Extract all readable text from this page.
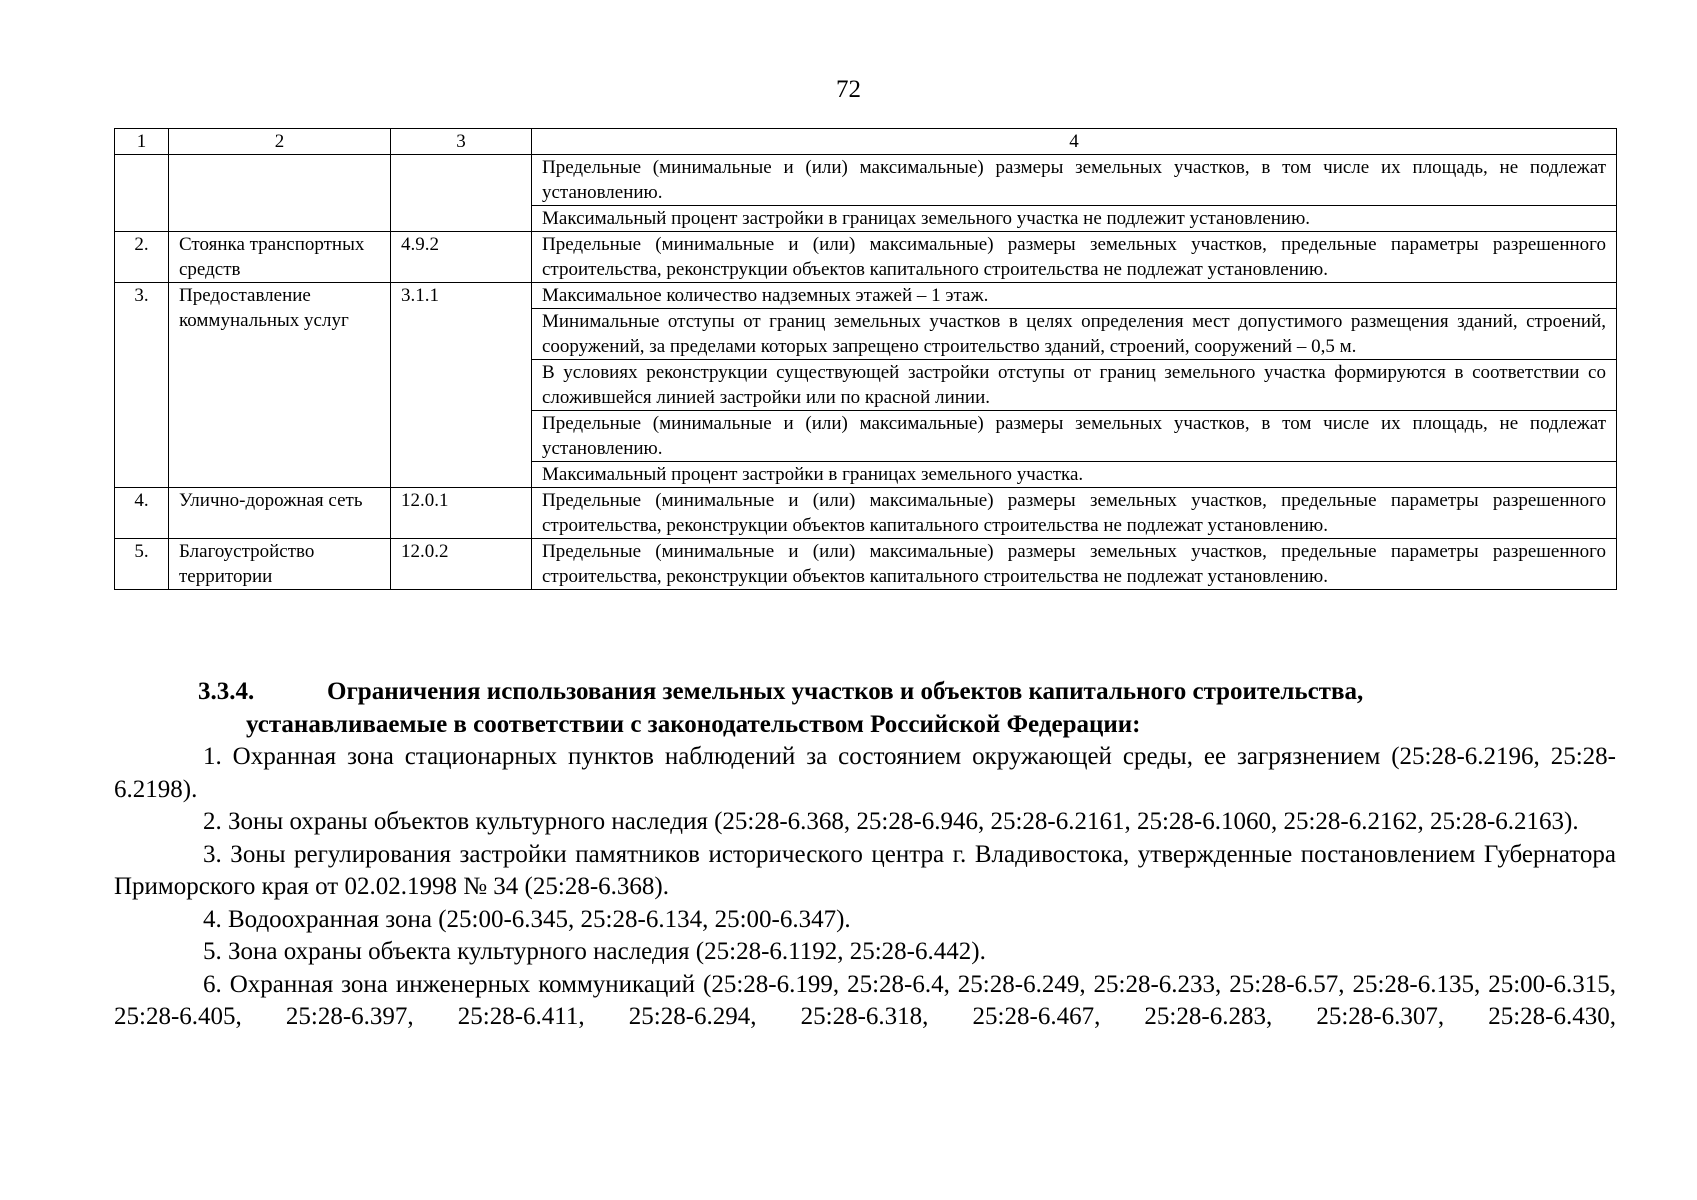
72
1	2	3	4
			Предельные (минимальные и (или) максимальные) размеры земельных участков, в том числе их площадь, не подлежат установлению.
			Максимальный процент застройки в границах земельного участка не подлежит установлению.
2.	Стоянка транспортных средств	4.9.2	Предельные (минимальные и (или) максимальные) размеры земельных участков, предельные параметры разрешенного строительства, реконструкции объектов капитального строительства не подлежат установлению.
3.	Предоставление коммунальных услуг	3.1.1	Максимальное количество надземных этажей – 1 этаж.
			Минимальные отступы от границ земельных участков в целях определения мест допустимого размещения зданий, строений, сооружений, за пределами которых запрещено строительство зданий, строений, сооружений – 0,5 м.
			В условиях реконструкции существующей застройки отступы от границ земельного участка формируются в соответствии со сложившейся линией застройки или по красной линии.
			Предельные (минимальные и (или) максимальные) размеры земельных участков, в том числе их площадь, не подлежат установлению.
			Максимальный процент застройки в границах земельного участка.
4.	Улично-дорожная сеть	12.0.1	Предельные (минимальные и (или) максимальные) размеры земельных участков, предельные параметры разрешенного строительства, реконструкции объектов капитального строительства не подлежат установлению.
5.	Благоустройство территории	12.0.2	Предельные (минимальные и (или) максимальные) размеры земельных участков, предельные параметры разрешенного строительства, реконструкции объектов капитального строительства не подлежат установлению.
3.3.4.	Ограничения использования земельных участков и объектов капитального строительства,
устанавливаемые в соответствии с законодательством Российской Федерации:

1. Охранная зона стационарных пунктов наблюдений за состоянием окружающей среды, ее загрязнением (25:28-6.2196, 25:28-6.2198).

2. Зоны охраны объектов культурного наследия (25:28-6.368, 25:28-6.946, 25:28-6.2161, 25:28-6.1060, 25:28-6.2162, 25:28-6.2163).

3. Зоны регулирования застройки памятников исторического центра г. Владивостока, утвержденные постановлением Губернатора Приморского края от 02.02.1998 № 34 (25:28-6.368).

4. Водоохранная зона (25:00-6.345, 25:28-6.134, 25:00-6.347).

5. Зона охраны объекта культурного наследия (25:28-6.1192, 25:28-6.442).

6. Охранная зона инженерных коммуникаций (25:28-6.199, 25:28-6.4, 25:28-6.249, 25:28-6.233, 25:28-6.57, 25:28-6.135, 25:00-6.315, 25:28-6.405, 25:28-6.397, 25:28-6.411, 25:28-6.294, 25:28-6.318, 25:28-6.467, 25:28-6.283, 25:28-6.307, 25:28-6.430,
